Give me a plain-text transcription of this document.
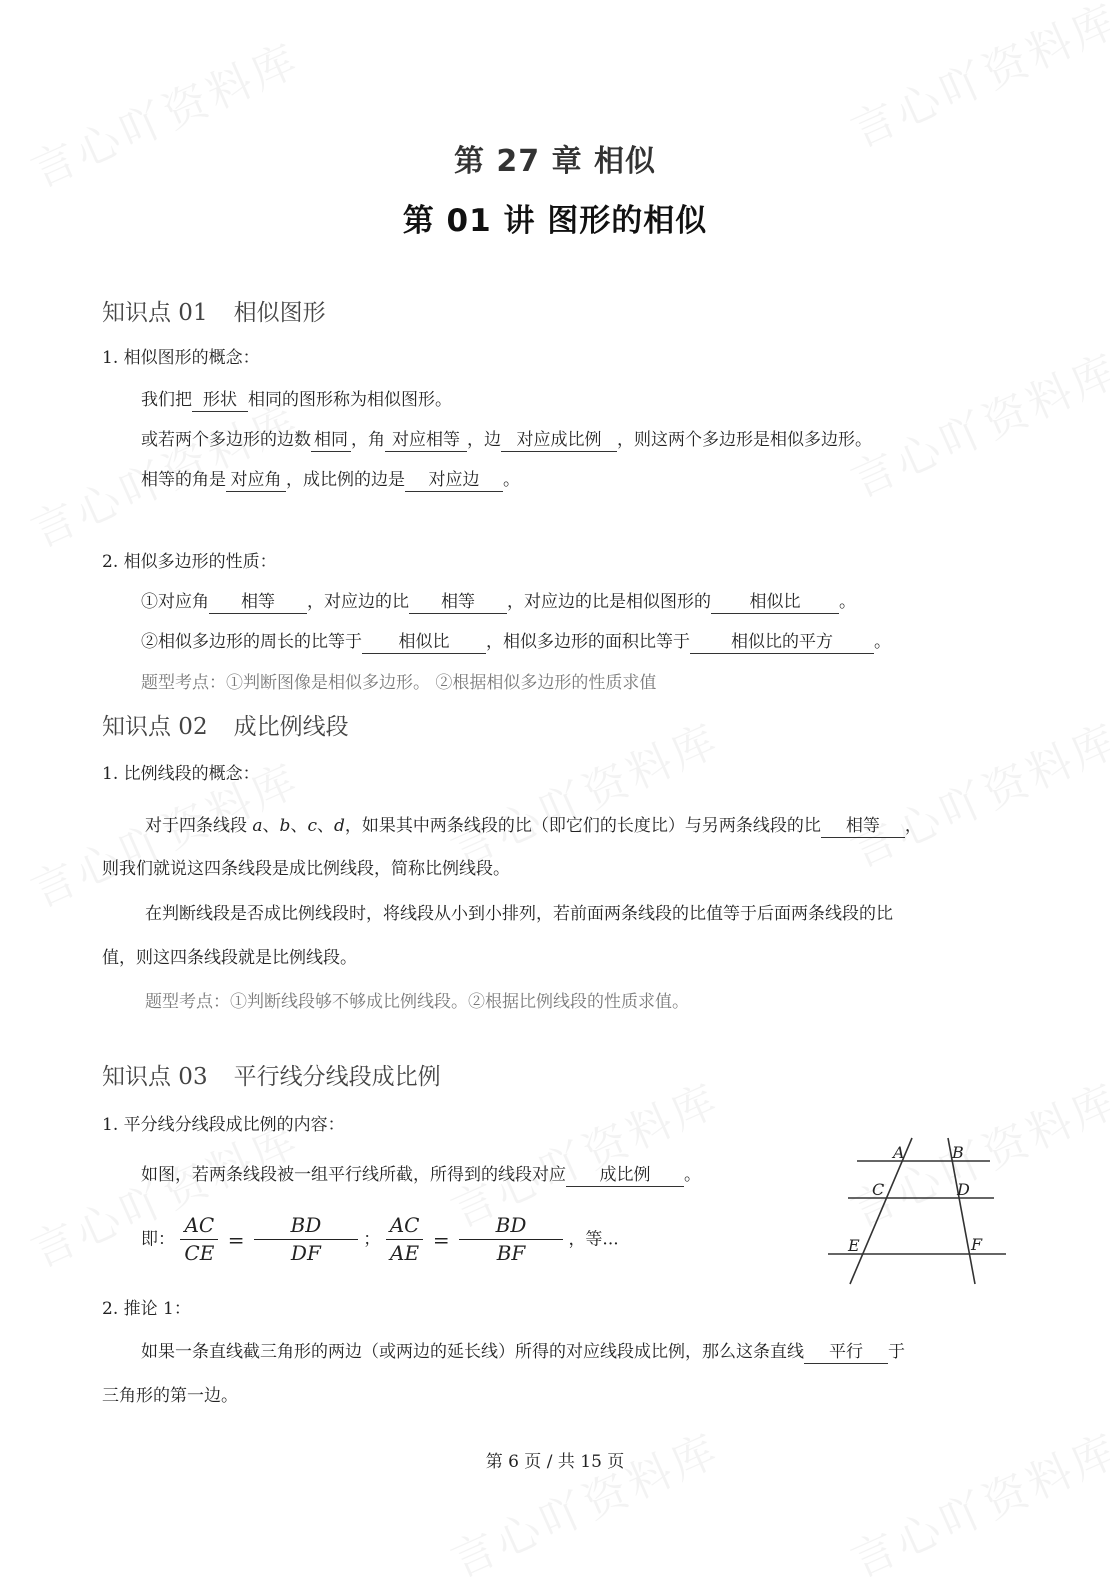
第 27 章 相似
第 01 讲 图形的相似
知识点 01 相似图形
1. 相似图形的概念：
我们把 形状 相同的图形称为相似图形。
或若两个多边形的边数 相同 ，角 对应相等 ，边 对应成比例 ，则这两个多边形是相似多边形。
相等的角是 对应角 ，成比例的边是 对应边 。
2. 相似多边形的性质：
①对应角 相等 ，对应边的比 相等 ，对应边的比是相似图形的 相似比 。
②相似多边形的周长的比等于 相似比 ，相似多边形的面积比等于 相似比的平方 。
题型考点：①判断图像是相似多边形。 ②根据相似多边形的性质求值
知识点 02 成比例线段
1. 比例线段的概念：
对于四条线段 a、b、c、d，如果其中两条线段的比（即它们的长度比）与另两条线段的比 相等 ，
则我们就说这四条线段是成比例线段，简称比例线段。
在判断线段是否成比例线段时，将线段从小到小排列，若前面两条线段的比值等于后面两条线段的比
值，则这四条线段就是比例线段。
题型考点：①判断线段够不够成比例线段。②根据比例线段的性质求值。
知识点 03 平行线分线段成比例
1. 平分线分线段成比例的内容：
如图，若两条线段被一组平行线所截，所得到的线段对应 成比例 。
即： $\frac{AC}{CE} = \frac{BD}{DF}$ ； $\frac{AC}{AE} = \frac{BD}{BF}$ ，等...
A	B
C	D
E	F
2. 推论 1：
如果一条直线截三角形的两边（或两边的延长线）所得的对应线段成比例，那么这条直线 平行 于
三角形的第一边。
第 6 页 / 共 15 页
